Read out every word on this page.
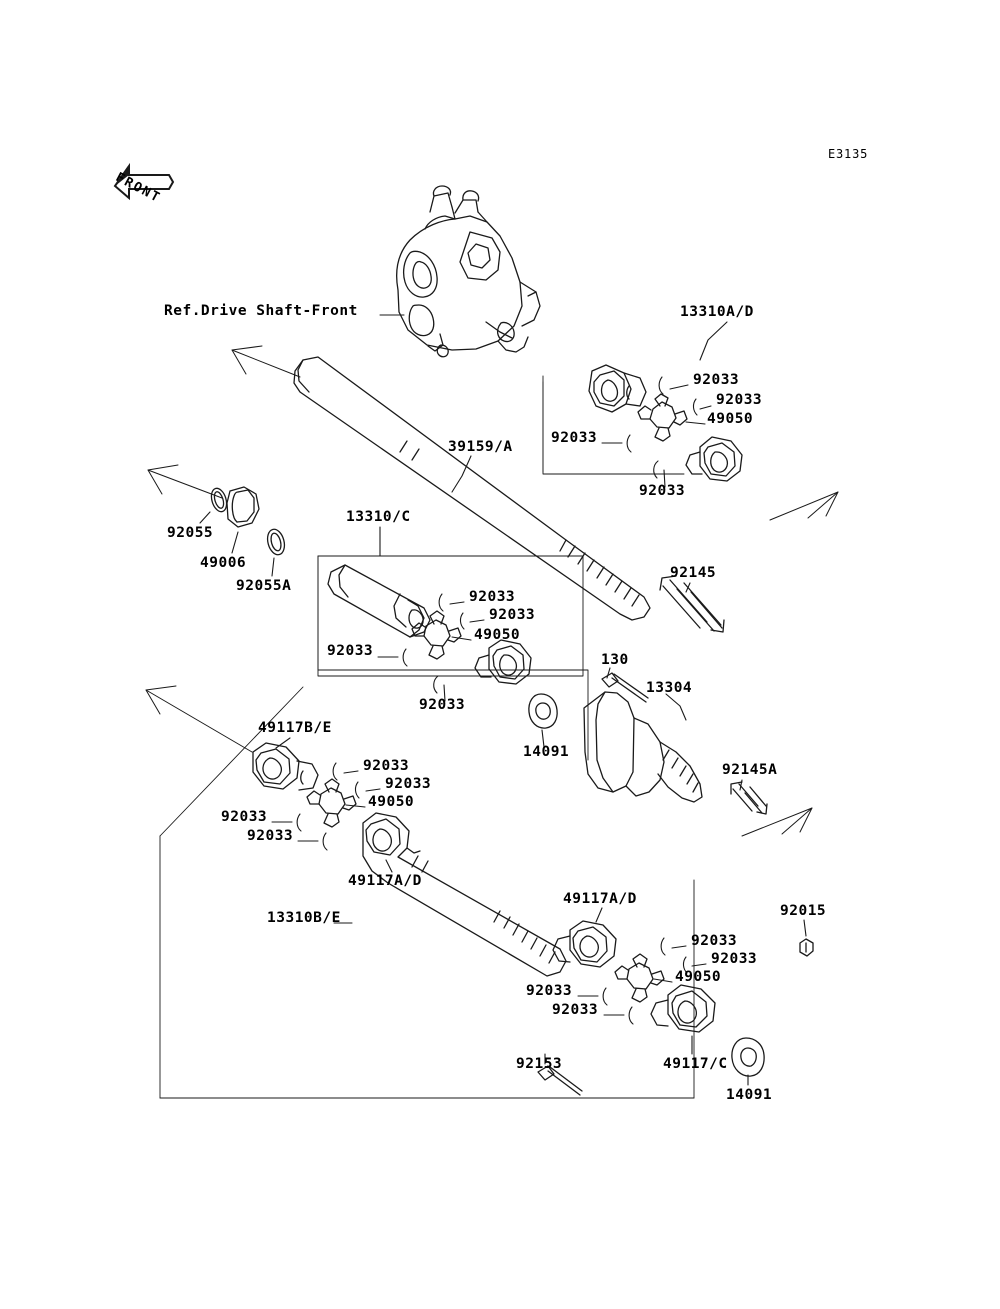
E3135
FRONT
Ref.Drive Shaft-Front	13310A/D
92033
92033
49050
92033
92033
39159/A
92055
49006
92055A
13310/C
92033
92033
49050
92033
92033
92145
130
13304
14091
92145A
49117B/E
92033
92033
49050
92033
92033
49117A/D
49117A/D
13310B/E	92015
92033
92033
49050
92033
92033
92153	49117/C
14091
